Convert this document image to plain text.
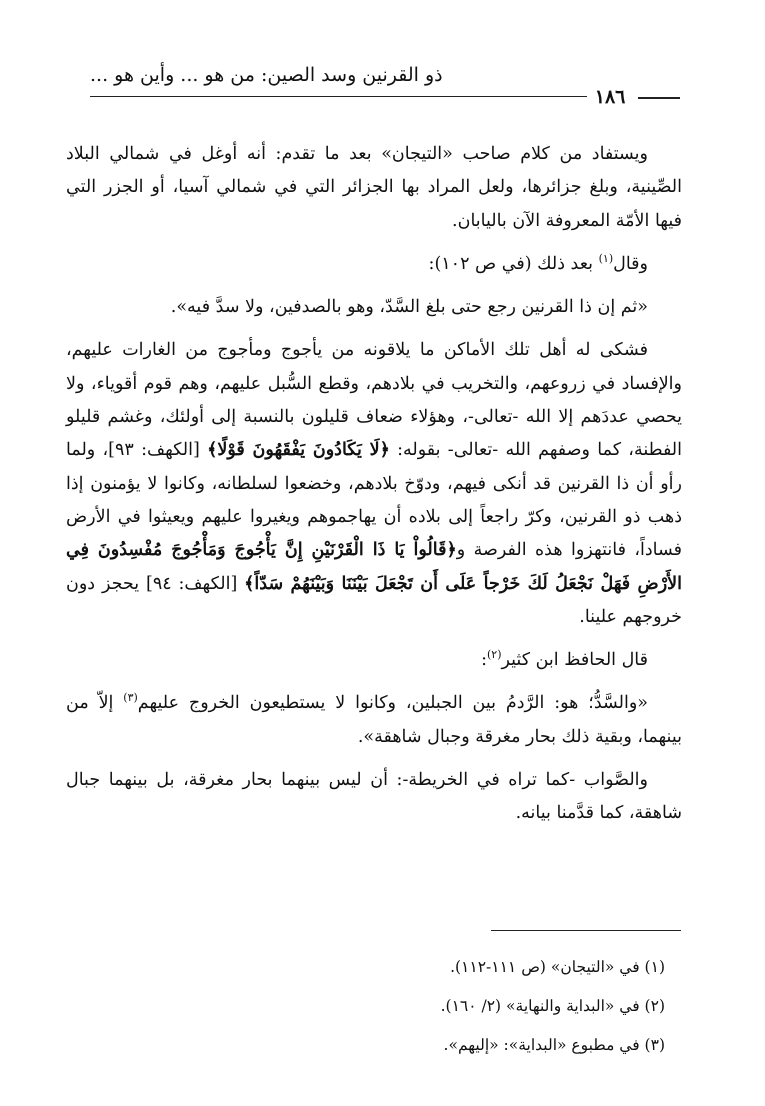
ذو القرنين وسد الصين: من هو ... وأين هو ...
١٨٦

ويستفاد من كلام صاحب «التيجان» بعد ما تقدم: أنه أوغل في شمالي البلاد الصِّينية، وبلغ جزائرها، ولعل المراد بها الجزائر التي في شمالي آسيا، أو الجزر التي فيها الأمّة المعروفة الآن باليابان.

وقال$^{(١)}$ بعد ذلك (في ص ١٠٢):

«ثم إن ذا القرنين رجع حتى بلغ السَّدّ، وهو بالصدفين، ولا سدَّ فيه».

فشكى له أهل تلك الأماكن ما يلاقونه من يأجوج ومأجوج من الغارات عليهم، والإفساد في زروعهم، والتخريب في بلادهم، وقطع السُّبل عليهم، وهم قوم أقوياء، ولا يحصي عددَهم إلا الله -تعالى-، وهؤلاء ضعاف قليلون بالنسبة إلى أولئك، وغشم قليلو الفطنة، كما وصفهم الله -تعالى- بقوله: ﴿لَا يَكَادُونَ يَفْقَهُونَ قَوْلًا﴾ [الكهف: ٩٣]، ولما رأو أن ذا القرنين قد أنكى فيهم، ودوّخ بلادهم، وخضعوا لسلطانه، وكانوا لا يؤمنون إذا ذهب ذو القرنين، وكرّ راجعاً إلى بلاده أن يهاجموهم ويغيروا عليهم ويعيثوا في الأرض فساداً، فانتهزوا هذه الفرصة و﴿قَالُواْ يَا ذَا الْقَرْنَيْنِ إِنَّ يَأْجُوجَ وَمَأْجُوجَ مُفْسِدُونَ فِي الأَرْضِ فَهَلْ نَجْعَلُ لَكَ خَرْجاً عَلَى أَن تَجْعَلَ بَيْنَنَا وَبَيْنَهُمْ سَدّاً﴾ [الكهف: ٩٤] يحجز دون خروجهم علينا.

قال الحافظ ابن كثير$^{(٢)}$:

«والسَّدُّ؛ هو: الرَّدمُ بين الجبلين، وكانوا لا يستطيعون الخروج عليهم$^{(٣)}$ إلاّ من بينهما، وبقية ذلك بحار مغرقة وجبال شاهقة».

والصَّواب -كما تراه في الخريطة-: أن ليس بينهما بحار مغرقة، بل بينهما جبال شاهقة، كما قدَّمنا بيانه.

(١) في «التيجان» (ص ١١١-١١٢).
(٢) في «البداية والنهاية» (٢/ ١٦٠).
(٣) في مطبوع «البداية»: «إليهم».
